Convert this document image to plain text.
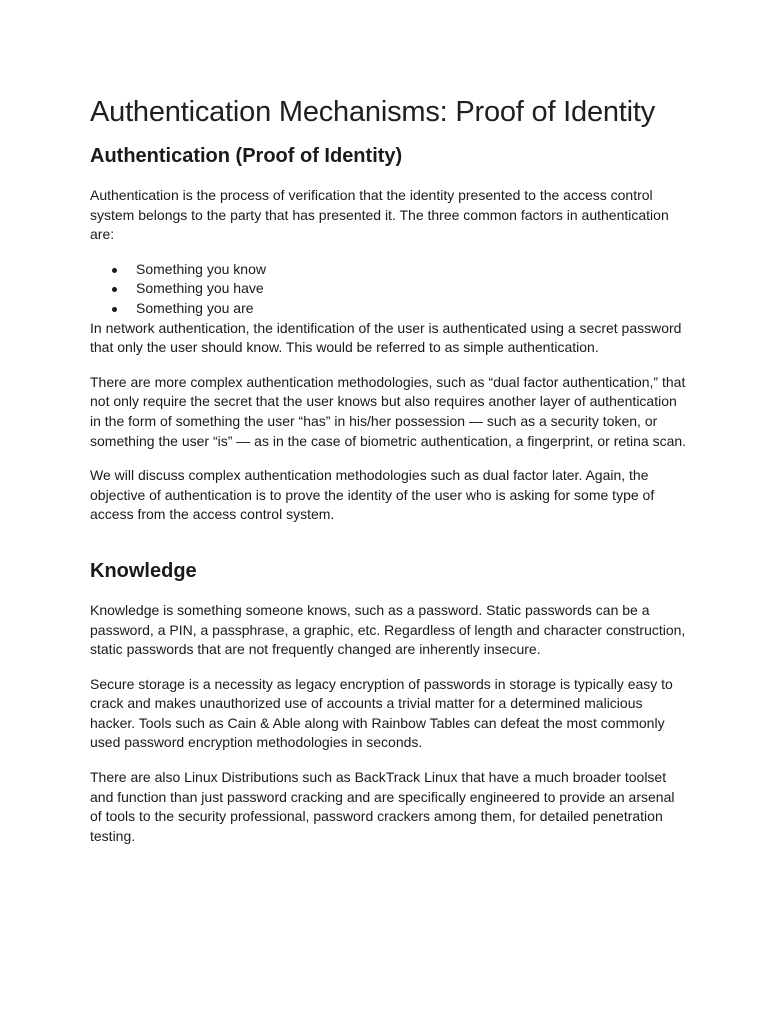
Authentication Mechanisms: Proof of Identity
Authentication (Proof of Identity)

Authentication is the process of verification that the identity presented to the access control system belongs to the party that has presented it. The three common factors in authentication are:

Something you know
Something you have
Something you are

In network authentication, the identification of the user is authenticated using a secret password that only the user should know. This would be referred to as simple authentication.

There are more complex authentication methodologies, such as “dual factor authentication,” that not only require the secret that the user knows but also requires another layer of authentication in the form of something the user “has” in his/her possession — such as a security token, or something the user “is” — as in the case of biometric authentication, a fingerprint, or retina scan.

We will discuss complex authentication methodologies such as dual factor later. Again, the objective of authentication is to prove the identity of the user who is asking for some type of access from the access control system.

Knowledge

Knowledge is something someone knows, such as a password. Static passwords can be a password, a PIN, a passphrase, a graphic, etc. Regardless of length and character construction, static passwords that are not frequently changed are inherently insecure.

Secure storage is a necessity as legacy encryption of passwords in storage is typically easy to crack and makes unauthorized use of accounts a trivial matter for a determined malicious hacker. Tools such as Cain & Able along with Rainbow Tables can defeat the most commonly used password encryption methodologies in seconds.

There are also Linux Distributions such as BackTrack Linux that have a much broader toolset and function than just password cracking and are specifically engineered to provide an arsenal of tools to the security professional, password crackers among them, for detailed penetration testing.
